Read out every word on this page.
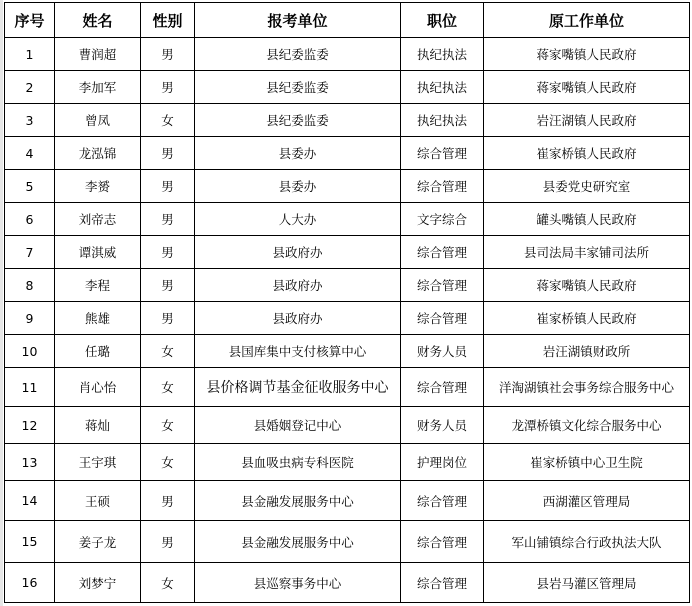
序号	姓名	性别	报考单位	职位	原工作单位
1	曹润超	男	县纪委监委	执纪执法	蒋家嘴镇人民政府
2	李加军	男	县纪委监委	执纪执法	蒋家嘴镇人民政府
3	曾凤	女	县纪委监委	执纪执法	岩汪湖镇人民政府
4	龙泓锦	男	县委办	综合管理	崔家桥镇人民政府
5	李赟	男	县委办	综合管理	县委党史研究室
6	刘帝志	男	人大办	文字综合	罐头嘴镇人民政府
7	谭淇威	男	县政府办	综合管理	县司法局丰家铺司法所
8	李程	男	县政府办	综合管理	蒋家嘴镇人民政府
9	熊雄	男	县政府办	综合管理	崔家桥镇人民政府
10	任璐	女	县国库集中支付核算中心	财务人员	岩汪湖镇财政所
11	肖心怡	女	县价格调节基金征收服务中心	综合管理	洋淘湖镇社会事务综合服务中心
12	蒋灿	女	县婚姻登记中心	财务人员	龙潭桥镇文化综合服务中心
13	王宇琪	女	县血吸虫病专科医院	护理岗位	崔家桥镇中心卫生院
14	王硕	男	县金融发展服务中心	综合管理	西湖灌区管理局
15	姜子龙	男	县金融发展服务中心	综合管理	军山铺镇综合行政执法大队
16	刘梦宁	女	县巡察事务中心	综合管理	县岩马灌区管理局
